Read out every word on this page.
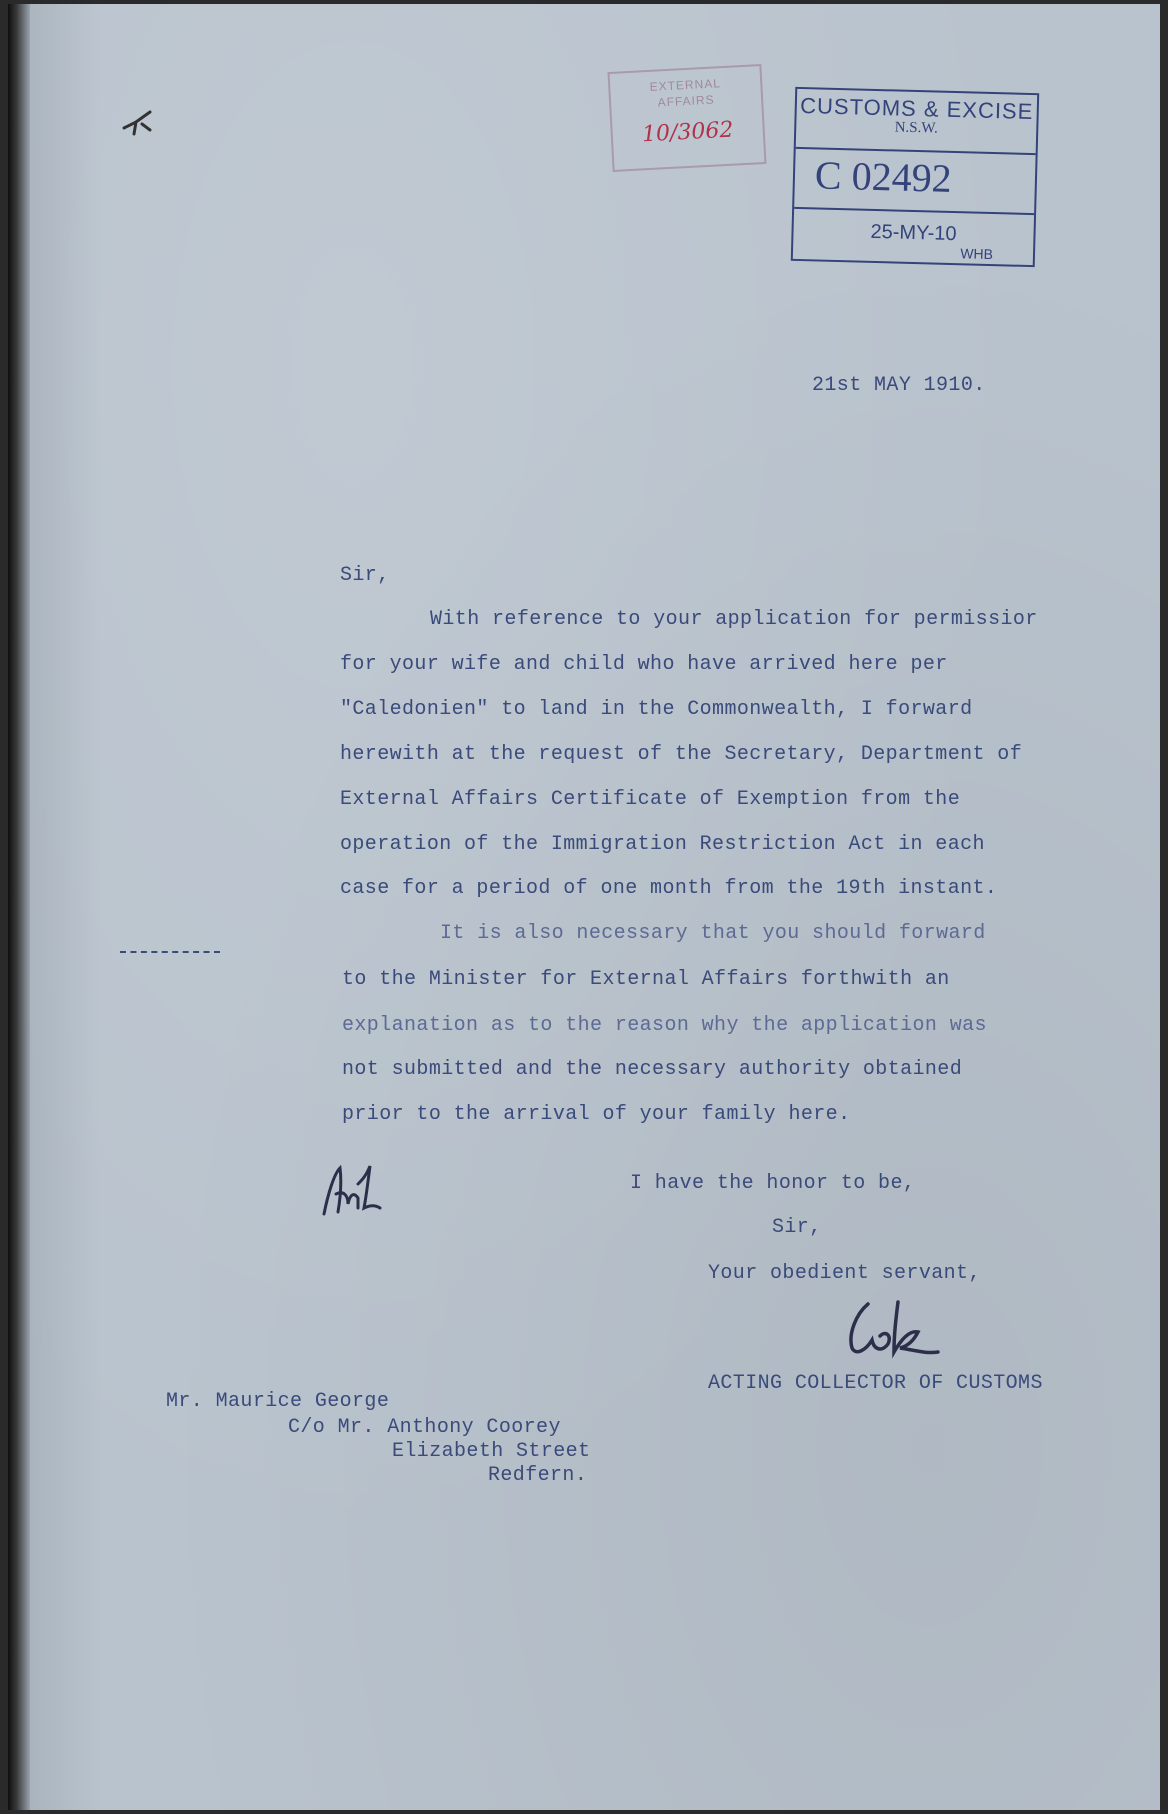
EXTERNAL
AFFAIRS
10/3062
CUSTOMS & EXCISE
N.S.W.
C 02492
25-MY-10
WHB
21st MAY 1910.
Sir,
With reference to your application for permissior
for your wife and child who have arrived here per
"Caledonien" to land in the Commonwealth, I forward
herewith at the request of the Secretary, Department of
External Affairs Certificate of Exemption from the
operation of the Immigration Restriction Act in each
case for a period of one month from the 19th instant.
It is also necessary that you should forward
to the Minister for External Affairs forthwith an
explanation as to the reason why the application was
not submitted and the necessary authority obtained
prior to the arrival of your family here.
I have the honor to be,
Sir,
Your obedient servant,
ACTING COLLECTOR OF CUSTOMS
Mr. Maurice George
C/o Mr. Anthony Coorey
Elizabeth Street
Redfern.
